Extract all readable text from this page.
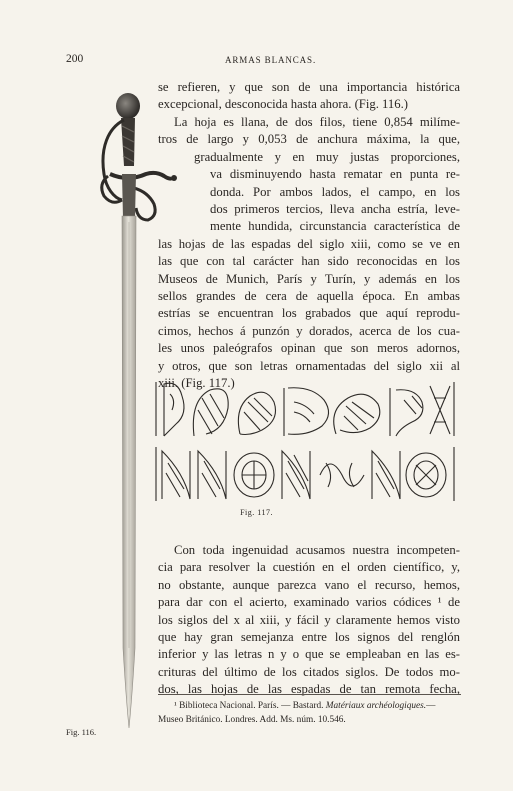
200	ARMAS BLANCAS.
Fig. 116.
se refieren, y que son de una importancia histórica
excepcional, desconocida hasta ahora. (Fig. 116.)
La hoja es llana, de dos filos, tiene 0,854 milíme-
tros de largo y 0,053 de anchura máxima, la que,
gradualmente y en muy justas proporciones,
va disminuyendo hasta rematar en punta re-
donda. Por ambos lados, el campo, en los
dos primeros tercios, lleva ancha estría, leve-
mente hundida, circunstancia característica de
las hojas de las espadas del siglo xiii, como se ve en
las que con tal carácter han sido reconocidas en los
Museos de Munich, París y Turín, y además en los
sellos grandes de cera de aquella época. En ambas
estrías se encuentran los grabados que aquí reprodu-
cimos, hechos á punzón y dorados, acerca de los cua-
les unos paleógrafos opinan que son meros adornos,
y otros, que son letras ornamentadas del siglo xii al
xiii. (Fig. 117.)
Fig. 117.
Con toda ingenuidad acusamos nuestra incompeten-
cia para resolver la cuestión en el orden científico, y,
no obstante, aunque parezca vano el recurso, hemos,
para dar con el acierto, examinado varios códices ¹ de
los siglos del x al xiii, y fácil y claramente hemos visto
que hay gran semejanza entre los signos del renglón
inferior y las letras n y o que se empleaban en las es-
crituras del último de los citados siglos. De todos mo-
dos, las hojas de las espadas de tan remota fecha,
¹ Biblioteca Nacional. París. — Bastard. Matériaux archéologiques.—
Museo Británico. Londres. Add. Ms. núm. 10.546.
